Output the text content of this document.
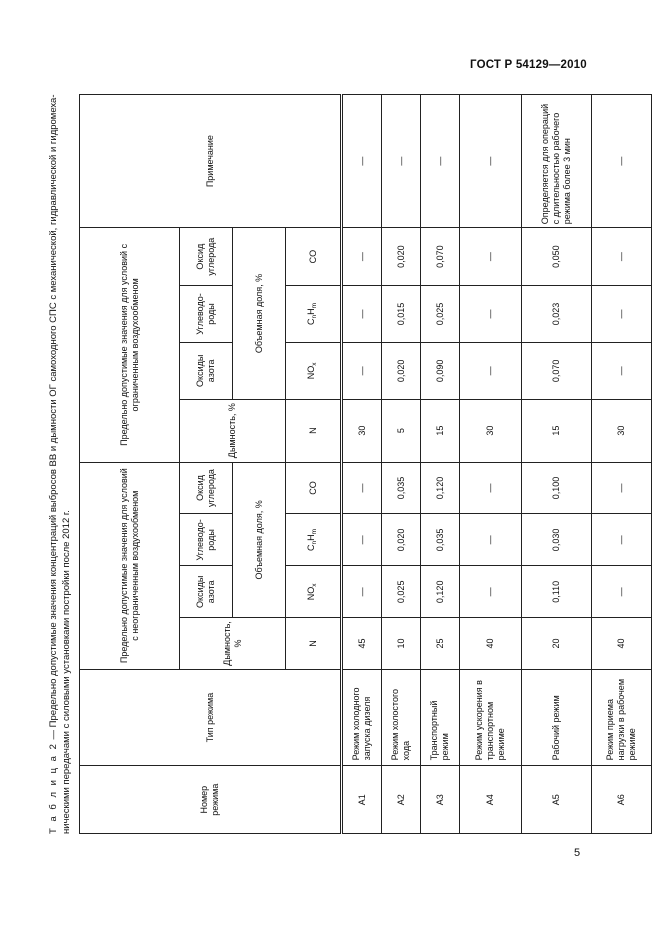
ГОСТ Р 54129—2010
Т а б л и ц а 2 — Предельно допустимые значения концентраций выбросов ВВ и дымности ОГ самоходного СПС с механической, гидравлической и гидромеханическими передачами с силовыми установками постройки после 2012 г.	Номер режима	Тип режима	Предельно допустимые значения для условий с неограниченным воздухообменом				Предельно допустимые значения для условий с ограниченным воздухообменом				Примечание
		Дымность, %	Оксиды азота	Углеводороды	Оксид углерода	Дымность, %	Оксиды азота	Углеводороды	Оксид углерода	
			Объемная доля, %				Объемная доля, %			
		N	$NO_x$	$C_nH_m$	CO	N	$NO_x$	$C_nH_m$	CO	
А1	Режим холодного запуска дизеля	45	—	—	—	30	—	—	—	—
А2	Режим холостого хода	10	0,025	0,020	0,035	5	0,020	0,015	0,020	—
А3	Транспортный режим	25	0,120	0,035	0,120	15	0,090	0,025	0,070	—
А4	Режим ускорения в транспортном режиме	40	—	—	—	30	—	—	—	—
А5	Рабочий режим	20	0,110	0,030	0,100	15	0,070	0,023	0,050	Определяется для операций с длительностью рабочего режима более 3 мин
А6	Режим приема нагрузки в рабочем режиме	40	—	—	—	30	—	—	—	—
5
